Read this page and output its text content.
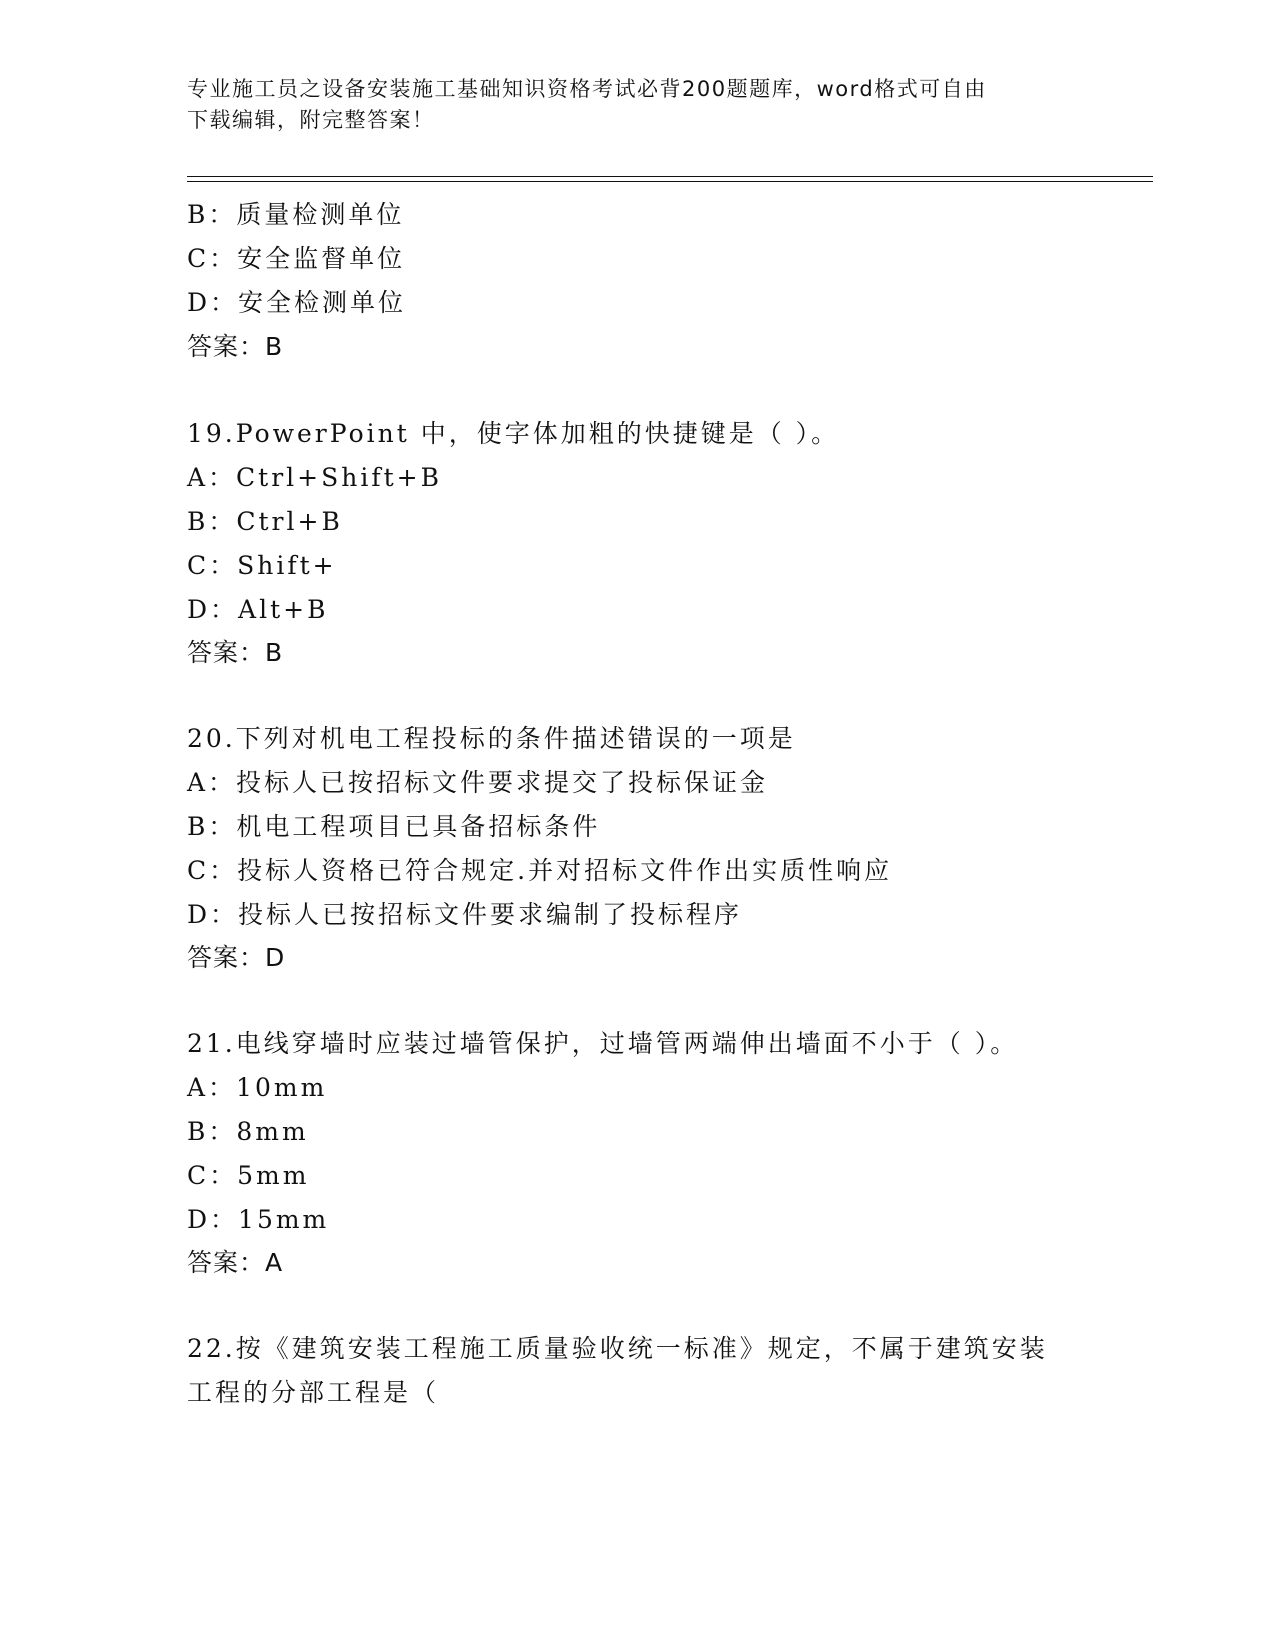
专业施工员之设备安装施工基础知识资格考试必背200题题库，word格式可自由
下载编辑，附完整答案！
B：质量检测单位
C：安全监督单位
D：安全检测单位
答案：B
19.PowerPoint 中，使字体加粗的快捷键是（ ）。
A：Ctrl+Shift+B
B：Ctrl+B
C：Shift+
D：Alt+B
答案：B
20.下列对机电工程投标的条件描述错误的一项是
A：投标人已按招标文件要求提交了投标保证金
B：机电工程项目已具备招标条件
C：投标人资格已符合规定.并对招标文件作出实质性响应
D：投标人已按招标文件要求编制了投标程序
答案：D
21.电线穿墙时应装过墙管保护，过墙管两端伸出墙面不小于（ ）。
A：10mm
B：8mm
C：5mm
D：15mm
答案：A
22.按《建筑安装工程施工质量验收统一标准》规定，不属于建筑安装
工程的分部工程是（
